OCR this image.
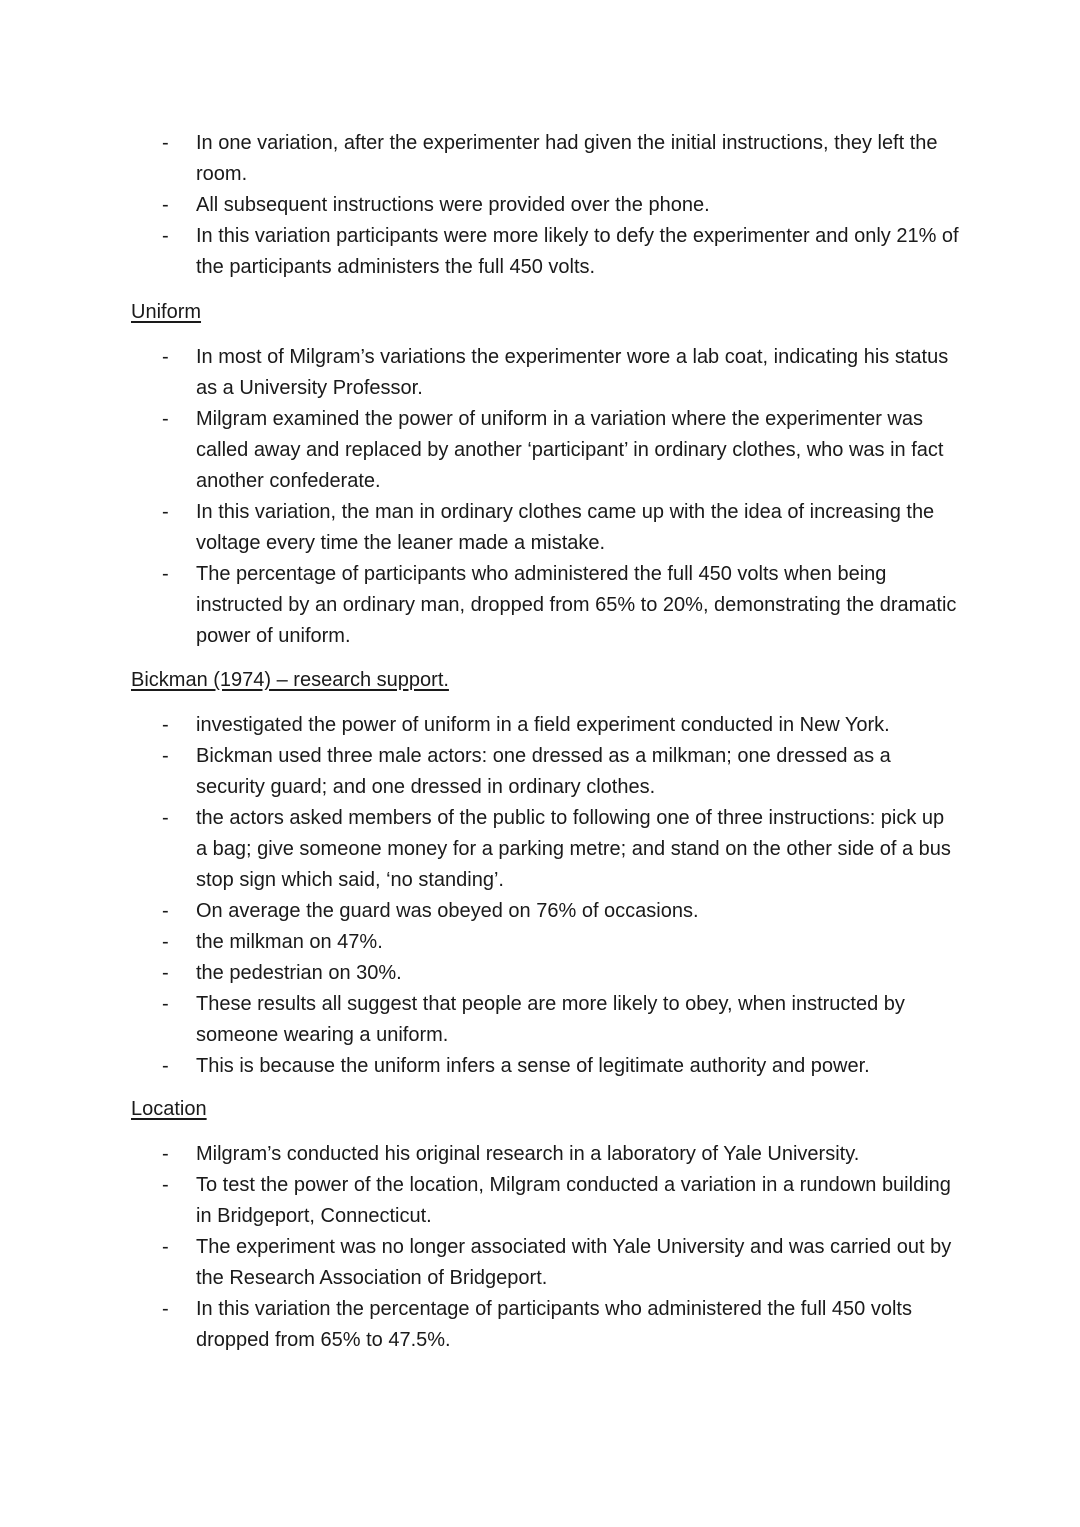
- In one variation, after the experimenter had given the initial instructions, they left the room.
- All subsequent instructions were provided over the phone.
- In this variation participants were more likely to defy the experimenter and only 21% of the participants administers the full 450 volts.
Uniform
- In most of Milgram’s variations the experimenter wore a lab coat, indicating his status as a University Professor.
- Milgram examined the power of uniform in a variation where the experimenter was called away and replaced by another ‘participant’ in ordinary clothes, who was in fact another confederate.
- In this variation, the man in ordinary clothes came up with the idea of increasing the voltage every time the leaner made a mistake.
- The percentage of participants who administered the full 450 volts when being instructed by an ordinary man, dropped from 65% to 20%, demonstrating the dramatic power of uniform.
Bickman (1974) – research support.
- investigated the power of uniform in a field experiment conducted in New York.
- Bickman used three male actors: one dressed as a milkman; one dressed as a security guard; and one dressed in ordinary clothes.
- the actors asked members of the public to following one of three instructions: pick up a bag; give someone money for a parking metre; and stand on the other side of a bus stop sign which said, ‘no standing’.
- On average the guard was obeyed on 76% of occasions.
- the milkman on 47%.
- the pedestrian on 30%.
- These results all suggest that people are more likely to obey, when instructed by someone wearing a uniform.
- This is because the uniform infers a sense of legitimate authority and power.
Location
- Milgram’s conducted his original research in a laboratory of Yale University.
- To test the power of the location, Milgram conducted a variation in a rundown building in Bridgeport, Connecticut.
- The experiment was no longer associated with Yale University and was carried out by the Research Association of Bridgeport.
- In this variation the percentage of participants who administered the full 450 volts dropped from 65% to 47.5%.
